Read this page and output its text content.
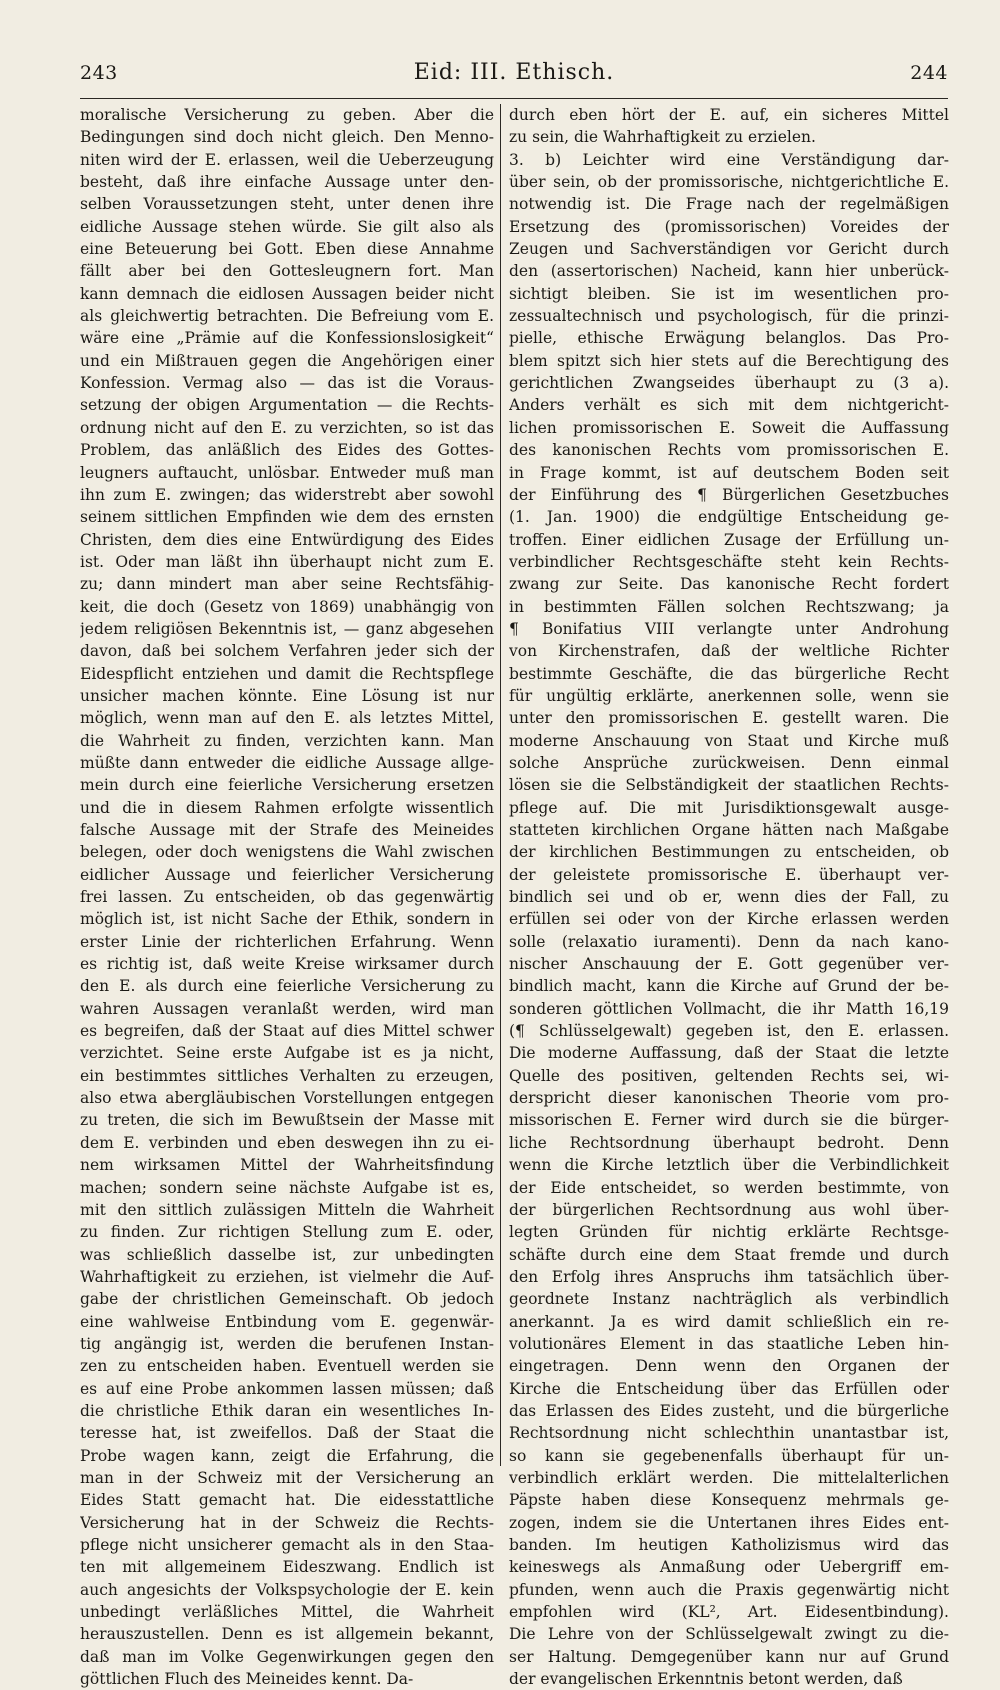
243	Eid: III. Ethisch.	244
moralische Versicherung zu geben. Aber die
Bedingungen sind doch nicht gleich. Den Menno-
niten wird der E. erlassen, weil die Ueberzeugung
besteht, daß ihre einfache Aussage unter den-
selben Voraussetzungen steht, unter denen ihre
eidliche Aussage stehen würde. Sie gilt also als
eine Beteuerung bei Gott. Eben diese Annahme
fällt aber bei den Gottesleugnern fort. Man
kann demnach die eidlosen Aussagen beider nicht
als gleichwertig betrachten. Die Befreiung vom E.
wäre eine „Prämie auf die Konfessionslosigkeit“
und ein Mißtrauen gegen die Angehörigen einer
Konfession. Vermag also — das ist die Voraus-
setzung der obigen Argumentation — die Rechts-
ordnung nicht auf den E. zu verzichten, so ist das
Problem, das anläßlich des Eides des Gottes-
leugners auftaucht, unlösbar. Entweder muß man
ihn zum E. zwingen; das widerstrebt aber sowohl
seinem sittlichen Empfinden wie dem des ernsten
Christen, dem dies eine Entwürdigung des Eides
ist. Oder man läßt ihn überhaupt nicht zum E.
zu; dann mindert man aber seine Rechtsfähig-
keit, die doch (Gesetz von 1869) unabhängig von
jedem religiösen Bekenntnis ist, — ganz abgesehen
davon, daß bei solchem Verfahren jeder sich der
Eidespflicht entziehen und damit die Rechtspflege
unsicher machen könnte. Eine Lösung ist nur
möglich, wenn man auf den E. als letztes Mittel,
die Wahrheit zu finden, verzichten kann. Man
müßte dann entweder die eidliche Aussage allge-
mein durch eine feierliche Versicherung ersetzen
und die in diesem Rahmen erfolgte wissentlich
falsche Aussage mit der Strafe des Meineides
belegen, oder doch wenigstens die Wahl zwischen
eidlicher Aussage und feierlicher Versicherung
frei lassen. Zu entscheiden, ob das gegenwärtig
möglich ist, ist nicht Sache der Ethik, sondern in
erster Linie der richterlichen Erfahrung. Wenn
es richtig ist, daß weite Kreise wirksamer durch
den E. als durch eine feierliche Versicherung zu
wahren Aussagen veranlaßt werden, wird man
es begreifen, daß der Staat auf dies Mittel schwer
verzichtet. Seine erste Aufgabe ist es ja nicht,
ein bestimmtes sittliches Verhalten zu erzeugen,
also etwa abergläubischen Vorstellungen entgegen
zu treten, die sich im Bewußtsein der Masse mit
dem E. verbinden und eben deswegen ihn zu ei-
nem wirksamen Mittel der Wahrheitsfindung
machen; sondern seine nächste Aufgabe ist es,
mit den sittlich zulässigen Mitteln die Wahrheit
zu finden. Zur richtigen Stellung zum E. oder,
was schließlich dasselbe ist, zur unbedingten
Wahrhaftigkeit zu erziehen, ist vielmehr die Auf-
gabe der christlichen Gemeinschaft. Ob jedoch
eine wahlweise Entbindung vom E. gegenwär-
tig angängig ist, werden die berufenen Instan-
zen zu entscheiden haben. Eventuell werden sie
es auf eine Probe ankommen lassen müssen; daß
die christliche Ethik daran ein wesentliches In-
teresse hat, ist zweifellos. Daß der Staat die
Probe wagen kann, zeigt die Erfahrung, die
man in der Schweiz mit der Versicherung an
Eides Statt gemacht hat. Die eidesstattliche
Versicherung hat in der Schweiz die Rechts-
pflege nicht unsicherer gemacht als in den Staa-
ten mit allgemeinem Eideszwang. Endlich ist
auch angesichts der Volkspsychologie der E. kein
unbedingt verläßliches Mittel, die Wahrheit
herauszustellen. Denn es ist allgemein bekannt,
daß man im Volke Gegenwirkungen gegen den
göttlichen Fluch des Meineides kennt. Da-
durch eben hört der E. auf, ein sicheres Mittel
zu sein, die Wahrhaftigkeit zu erzielen.
3. b) Leichter wird eine Verständigung dar-
über sein, ob der promissorische, nichtgerichtliche E.
notwendig ist. Die Frage nach der regelmäßigen
Ersetzung des (promissorischen) Voreides der
Zeugen und Sachverständigen vor Gericht durch
den (assertorischen) Nacheid, kann hier unberück-
sichtigt bleiben. Sie ist im wesentlichen pro-
zessualtechnisch und psychologisch, für die prinzi-
pielle, ethische Erwägung belanglos. Das Pro-
blem spitzt sich hier stets auf die Berechtigung des
gerichtlichen Zwangseides überhaupt zu (3 a).
Anders verhält es sich mit dem nichtgericht-
lichen promissorischen E. Soweit die Auffassung
des kanonischen Rechts vom promissorischen E.
in Frage kommt, ist auf deutschem Boden seit
der Einführung des ¶ Bürgerlichen Gesetzbuches
(1. Jan. 1900) die endgültige Entscheidung ge-
troffen. Einer eidlichen Zusage der Erfüllung un-
verbindlicher Rechtsgeschäfte steht kein Rechts-
zwang zur Seite. Das kanonische Recht fordert
in bestimmten Fällen solchen Rechtszwang; ja
¶ Bonifatius VIII verlangte unter Androhung
von Kirchenstrafen, daß der weltliche Richter
bestimmte Geschäfte, die das bürgerliche Recht
für ungültig erklärte, anerkennen solle, wenn sie
unter den promissorischen E. gestellt waren. Die
moderne Anschauung von Staat und Kirche muß
solche Ansprüche zurückweisen. Denn einmal
lösen sie die Selbständigkeit der staatlichen Rechts-
pflege auf. Die mit Jurisdiktionsgewalt ausge-
statteten kirchlichen Organe hätten nach Maßgabe
der kirchlichen Bestimmungen zu entscheiden, ob
der geleistete promissorische E. überhaupt ver-
bindlich sei und ob er, wenn dies der Fall, zu
erfüllen sei oder von der Kirche erlassen werden
solle (relaxatio iuramenti). Denn da nach kano-
nischer Anschauung der E. Gott gegenüber ver-
bindlich macht, kann die Kirche auf Grund der be-
sonderen göttlichen Vollmacht, die ihr Matth 16,19
(¶ Schlüsselgewalt) gegeben ist, den E. erlassen.
Die moderne Auffassung, daß der Staat die letzte
Quelle des positiven, geltenden Rechts sei, wi-
derspricht dieser kanonischen Theorie vom pro-
missorischen E. Ferner wird durch sie die bürger-
liche Rechtsordnung überhaupt bedroht. Denn
wenn die Kirche letztlich über die Verbindlichkeit
der Eide entscheidet, so werden bestimmte, von
der bürgerlichen Rechtsordnung aus wohl über-
legten Gründen für nichtig erklärte Rechtsge-
schäfte durch eine dem Staat fremde und durch
den Erfolg ihres Anspruchs ihm tatsächlich über-
geordnete Instanz nachträglich als verbindlich
anerkannt. Ja es wird damit schließlich ein re-
volutionäres Element in das staatliche Leben hin-
eingetragen. Denn wenn den Organen der
Kirche die Entscheidung über das Erfüllen oder
das Erlassen des Eides zusteht, und die bürgerliche
Rechtsordnung nicht schlechthin unantastbar ist,
so kann sie gegebenenfalls überhaupt für un-
verbindlich erklärt werden. Die mittelalterlichen
Päpste haben diese Konsequenz mehrmals ge-
zogen, indem sie die Untertanen ihres Eides ent-
banden. Im heutigen Katholizismus wird das
keineswegs als Anmaßung oder Uebergriff em-
pfunden, wenn auch die Praxis gegenwärtig nicht
empfohlen wird (KL², Art. Eidesentbindung).
Die Lehre von der Schlüsselgewalt zwingt zu die-
ser Haltung. Demgegenüber kann nur auf Grund
der evangelischen Erkenntnis betont werden, daß
